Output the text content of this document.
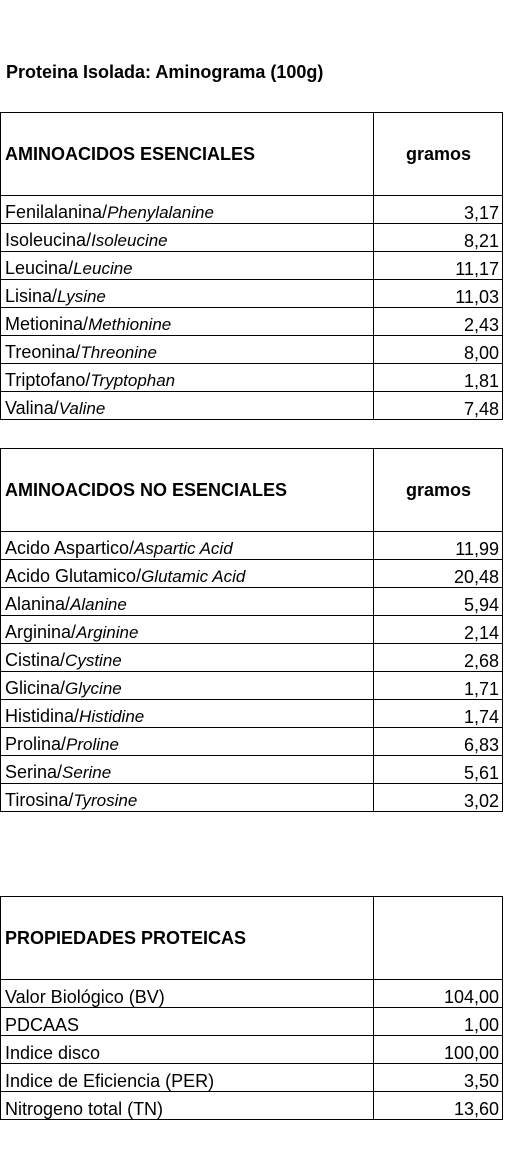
Proteina Isolada: Aminograma (100g)
AMINOACIDOS ESENCIALES	gramos
Fenilalanina/Phenylalanine	3,17
Isoleucina/Isoleucine	8,21
Leucina/Leucine	11,17
Lisina/Lysine	11,03
Metionina/Methionine	2,43
Treonina/Threonine	8,00
Triptofano/Tryptophan	1,81
Valina/Valine	7,48
AMINOACIDOS NO ESENCIALES	gramos
Acido Aspartico/Aspartic Acid	11,99
Acido Glutamico/Glutamic Acid	20,48
Alanina/Alanine	5,94
Arginina/Arginine	2,14
Cistina/Cystine	2,68
Glicina/Glycine	1,71
Histidina/Histidine	1,74
Prolina/Proline	6,83
Serina/Serine	5,61
Tirosina/Tyrosine	3,02
PROPIEDADES PROTEICAS	
Valor Biológico (BV)	104,00
PDCAAS	1,00
Indice disco	100,00
Indice de Eficiencia (PER)	3,50
Nitrogeno total (TN)	13,60
